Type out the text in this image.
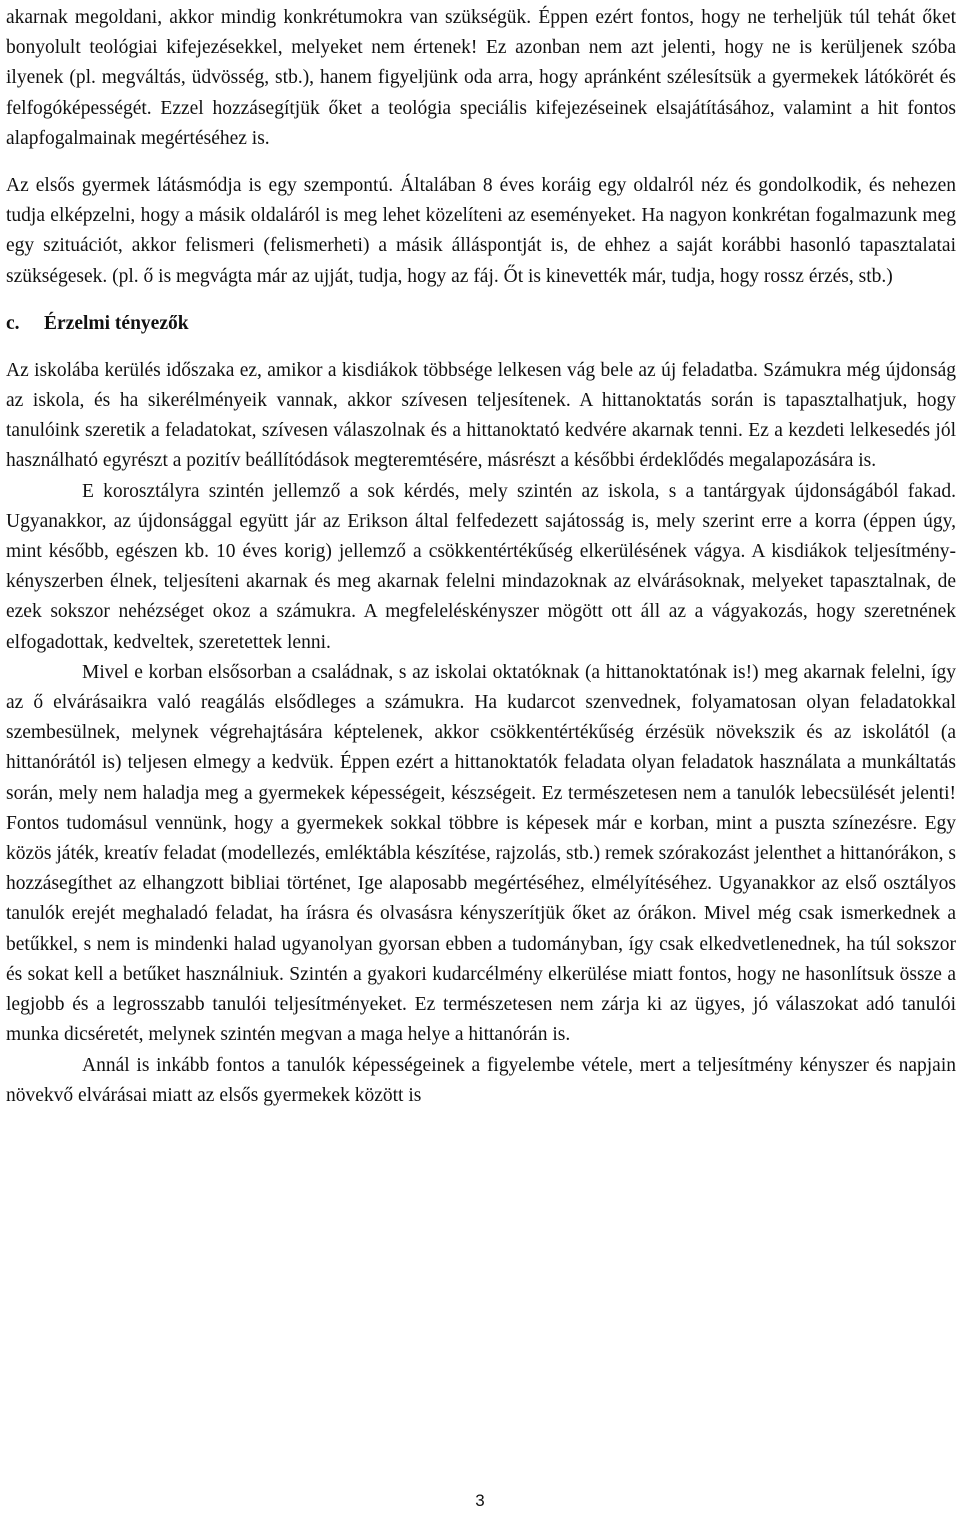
akarnak megoldani, akkor mindig konkrétumokra van szükségük. Éppen ezért fontos, hogy ne terheljük túl tehát őket bonyolult teológiai kifejezésekkel, melyeket nem értenek! Ez azonban nem azt jelenti, hogy ne is kerüljenek szóba ilyenek (pl. megváltás, üdvösség, stb.), hanem figyeljünk oda arra, hogy apránként szélesítsük a gyermekek látókörét és felfogóképességét. Ezzel hozzásegítjük őket a teológia speciális kifejezéseinek elsajátításához, valamint a hit fontos alapfogalmainak megértéséhez is.

Az elsős gyermek látásmódja is egy szempontú. Általában 8 éves koráig egy oldalról néz és gondolkodik, és nehezen tudja elképzelni, hogy a másik oldaláról is meg lehet közelíteni az eseményeket. Ha nagyon konkrétan fogalmazunk meg egy szituációt, akkor felismeri (felismerheti) a másik álláspontját is, de ehhez a saját korábbi hasonló tapasztalatai szükségesek. (pl. ő is megvágta már az ujját, tudja, hogy az fáj. Őt is kinevették már, tudja, hogy rossz érzés, stb.)

c. Érzelmi tényezők

Az iskolába kerülés időszaka ez, amikor a kisdiákok többsége lelkesen vág bele az új feladatba. Számukra még újdonság az iskola, és ha sikerélményeik vannak, akkor szívesen teljesítenek. A hittanoktatás során is tapasztalhatjuk, hogy tanulóink szeretik a feladatokat, szívesen válaszolnak és a hittanoktató kedvére akarnak tenni. Ez a kezdeti lelkesedés jól használható egyrészt a pozitív beállítódások megteremtésére, másrészt a későbbi érdeklődés megalapozására is.

E korosztályra szintén jellemző a sok kérdés, mely szintén az iskola, s a tantárgyak újdonságából fakad. Ugyanakkor, az újdonsággal együtt jár az Erikson által felfedezett sajátosság is, mely szerint erre a korra (éppen úgy, mint később, egészen kb. 10 éves korig) jellemző a csökkentértékűség elkerülésének vágya. A kisdiákok teljesítmény-kényszerben élnek, teljesíteni akarnak és meg akarnak felelni mindazoknak az elvárásoknak, melyeket tapasztalnak, de ezek sokszor nehézséget okoz a számukra. A megfeleléskényszer mögött ott áll az a vágyakozás, hogy szeretnének elfogadottak, kedveltek, szeretettek lenni.

Mivel e korban elsősorban a családnak, s az iskolai oktatóknak (a hittanoktatónak is!) meg akarnak felelni, így az ő elvárásaikra való reagálás elsődleges a számukra. Ha kudarcot szenvednek, folyamatosan olyan feladatokkal szembesülnek, melynek végrehajtására képtelenek, akkor csökkentértékűség érzésük növekszik és az iskolától (a hittanórától is) teljesen elmegy a kedvük. Éppen ezért a hittanoktatók feladata olyan feladatok használata a munkáltatás során, mely nem haladja meg a gyermekek képességeit, készségeit. Ez természetesen nem a tanulók lebecsülését jelenti! Fontos tudomásul vennünk, hogy a gyermekek sokkal többre is képesek már e korban, mint a puszta színezésre. Egy közös játék, kreatív feladat (modellezés, emléktábla készítése, rajzolás, stb.) remek szórakozást jelenthet a hittanórákon, s hozzásegíthet az elhangzott bibliai történet, Ige alaposabb megértéséhez, elmélyítéséhez. Ugyanakkor az első osztályos tanulók erejét meghaladó feladat, ha írásra és olvasásra kényszerítjük őket az órákon. Mivel még csak ismerkednek a betűkkel, s nem is mindenki halad ugyanolyan gyorsan ebben a tudományban, így csak elkedvetlenednek, ha túl sokszor és sokat kell a betűket használniuk. Szintén a gyakori kudarcélmény elkerülése miatt fontos, hogy ne hasonlítsuk össze a legjobb és a legrosszabb tanulói teljesítményeket. Ez természetesen nem zárja ki az ügyes, jó válaszokat adó tanulói munka dicséretét, melynek szintén megvan a maga helye a hittanórán is.

Annál is inkább fontos a tanulók képességeinek a figyelembe vétele, mert a teljesítmény kényszer és napjain növekvő elvárásai miatt az elsős gyermekek között is

3
